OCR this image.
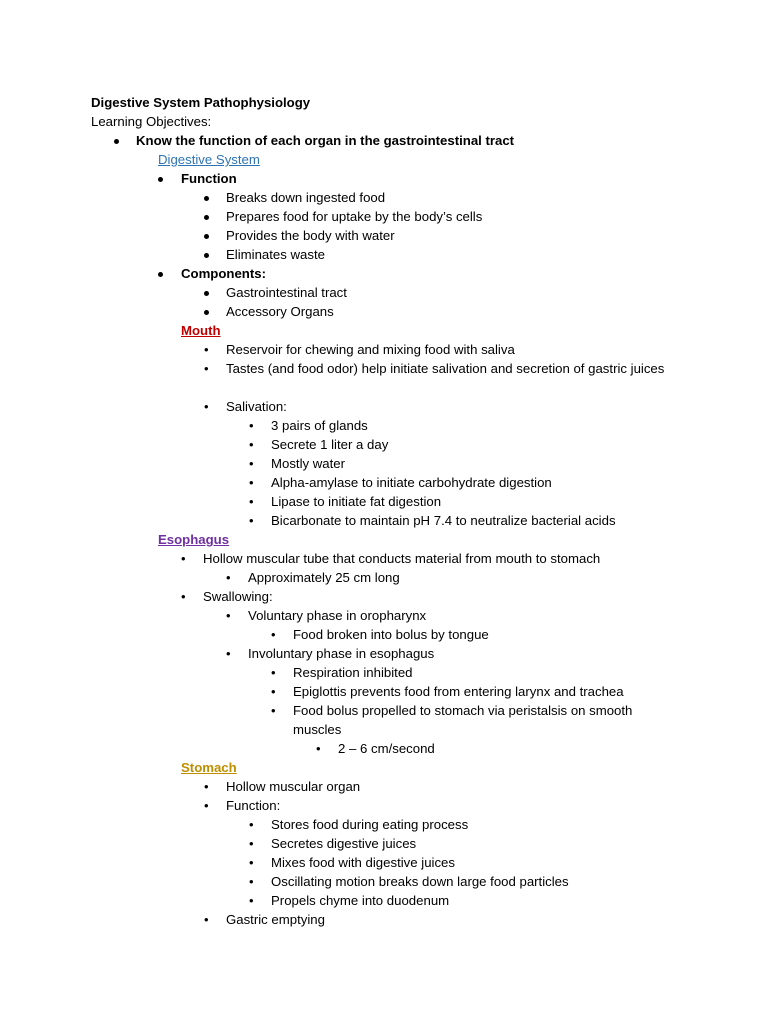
Digestive System Pathophysiology
Learning Objectives:
Know the function of each organ in the gastrointestinal tract
Digestive System
Function
Breaks down ingested food
Prepares food for uptake by the body’s cells
Provides the body with water
Eliminates waste
Components:
Gastrointestinal tract
Accessory Organs
Mouth
• Reservoir for chewing and mixing food with saliva
• Tastes (and food odor) help initiate salivation and secretion of gastric juices
• Salivation:
• 3 pairs of glands
• Secrete 1 liter a day
• Mostly water
• Alpha-amylase to initiate carbohydrate digestion
• Lipase to initiate fat digestion
• Bicarbonate to maintain pH 7.4 to neutralize bacterial acids
Esophagus
• Hollow muscular tube that conducts material from mouth to stomach
• Approximately 25 cm long
• Swallowing:
• Voluntary phase in oropharynx
• Food broken into bolus by tongue
• Involuntary phase in esophagus
• Respiration inhibited
• Epiglottis prevents food from entering larynx and trachea
• Food bolus propelled to stomach via peristalsis on smooth muscles
• 2 – 6 cm/second
Stomach
• Hollow muscular organ
• Function:
• Stores food during eating process
• Secretes digestive juices
• Mixes food with digestive juices
• Oscillating motion breaks down large food particles
• Propels chyme into duodenum
• Gastric emptying
